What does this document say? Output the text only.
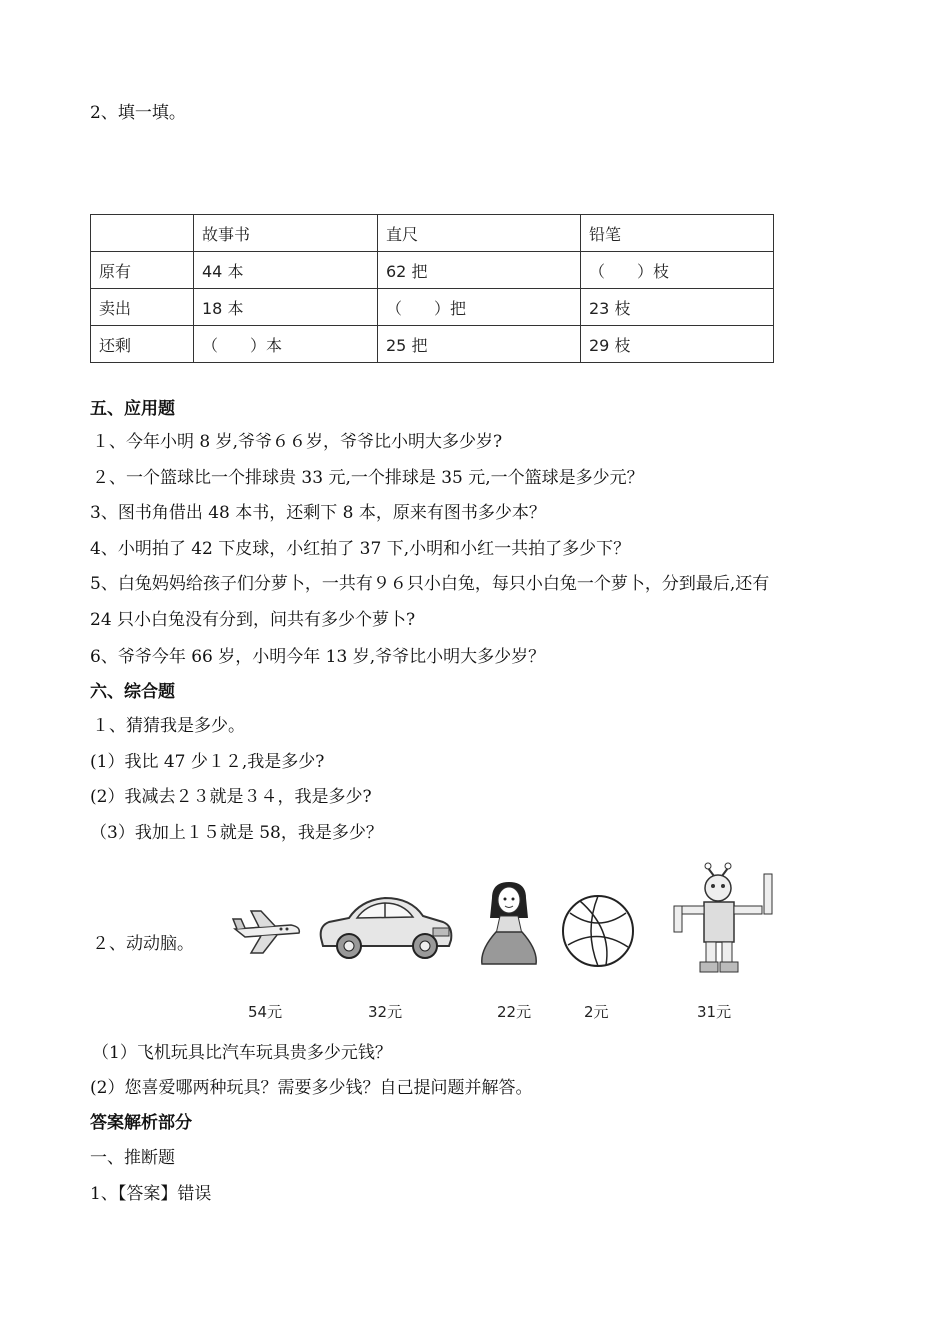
2、填一填。
	故事书	直尺	铅笔
原有	44 本	62 把	（　　）枝
卖出	18 本	（　　）把	23 枝
还剩	（　　）本	25 把	29 枝
五、应用题
１、今年小明 8 岁,爷爷６６岁，爷爷比小明大多少岁?
２、一个篮球比一个排球贵 33 元,一个排球是 35 元,一个篮球是多少元？
3、图书角借出 48 本书，还剩下 8 本，原来有图书多少本？
4、小明拍了 42 下皮球，小红拍了 37 下,小明和小红一共拍了多少下？
5、白兔妈妈给孩子们分萝卜，一共有９６只小白兔，每只小白兔一个萝卜，分到最后,还有
24 只小白兔没有分到，问共有多少个萝卜?
6、爷爷今年 66 岁，小明今年 13 岁,爷爷比小明大多少岁？
六、综合题
１、猜猜我是多少。
(1）我比 47 少１２,我是多少?
(2）我减去２３就是３４，我是多少?
（3）我加上１５就是 58，我是多少？
２、动动脑。
54元	32元	22元	2元	31元
（1）飞机玩具比汽车玩具贵多少元钱？
(2）您喜爱哪两种玩具？需要多少钱？自己提问题并解答。
答案解析部分
一、推断题
1、【答案】错误
